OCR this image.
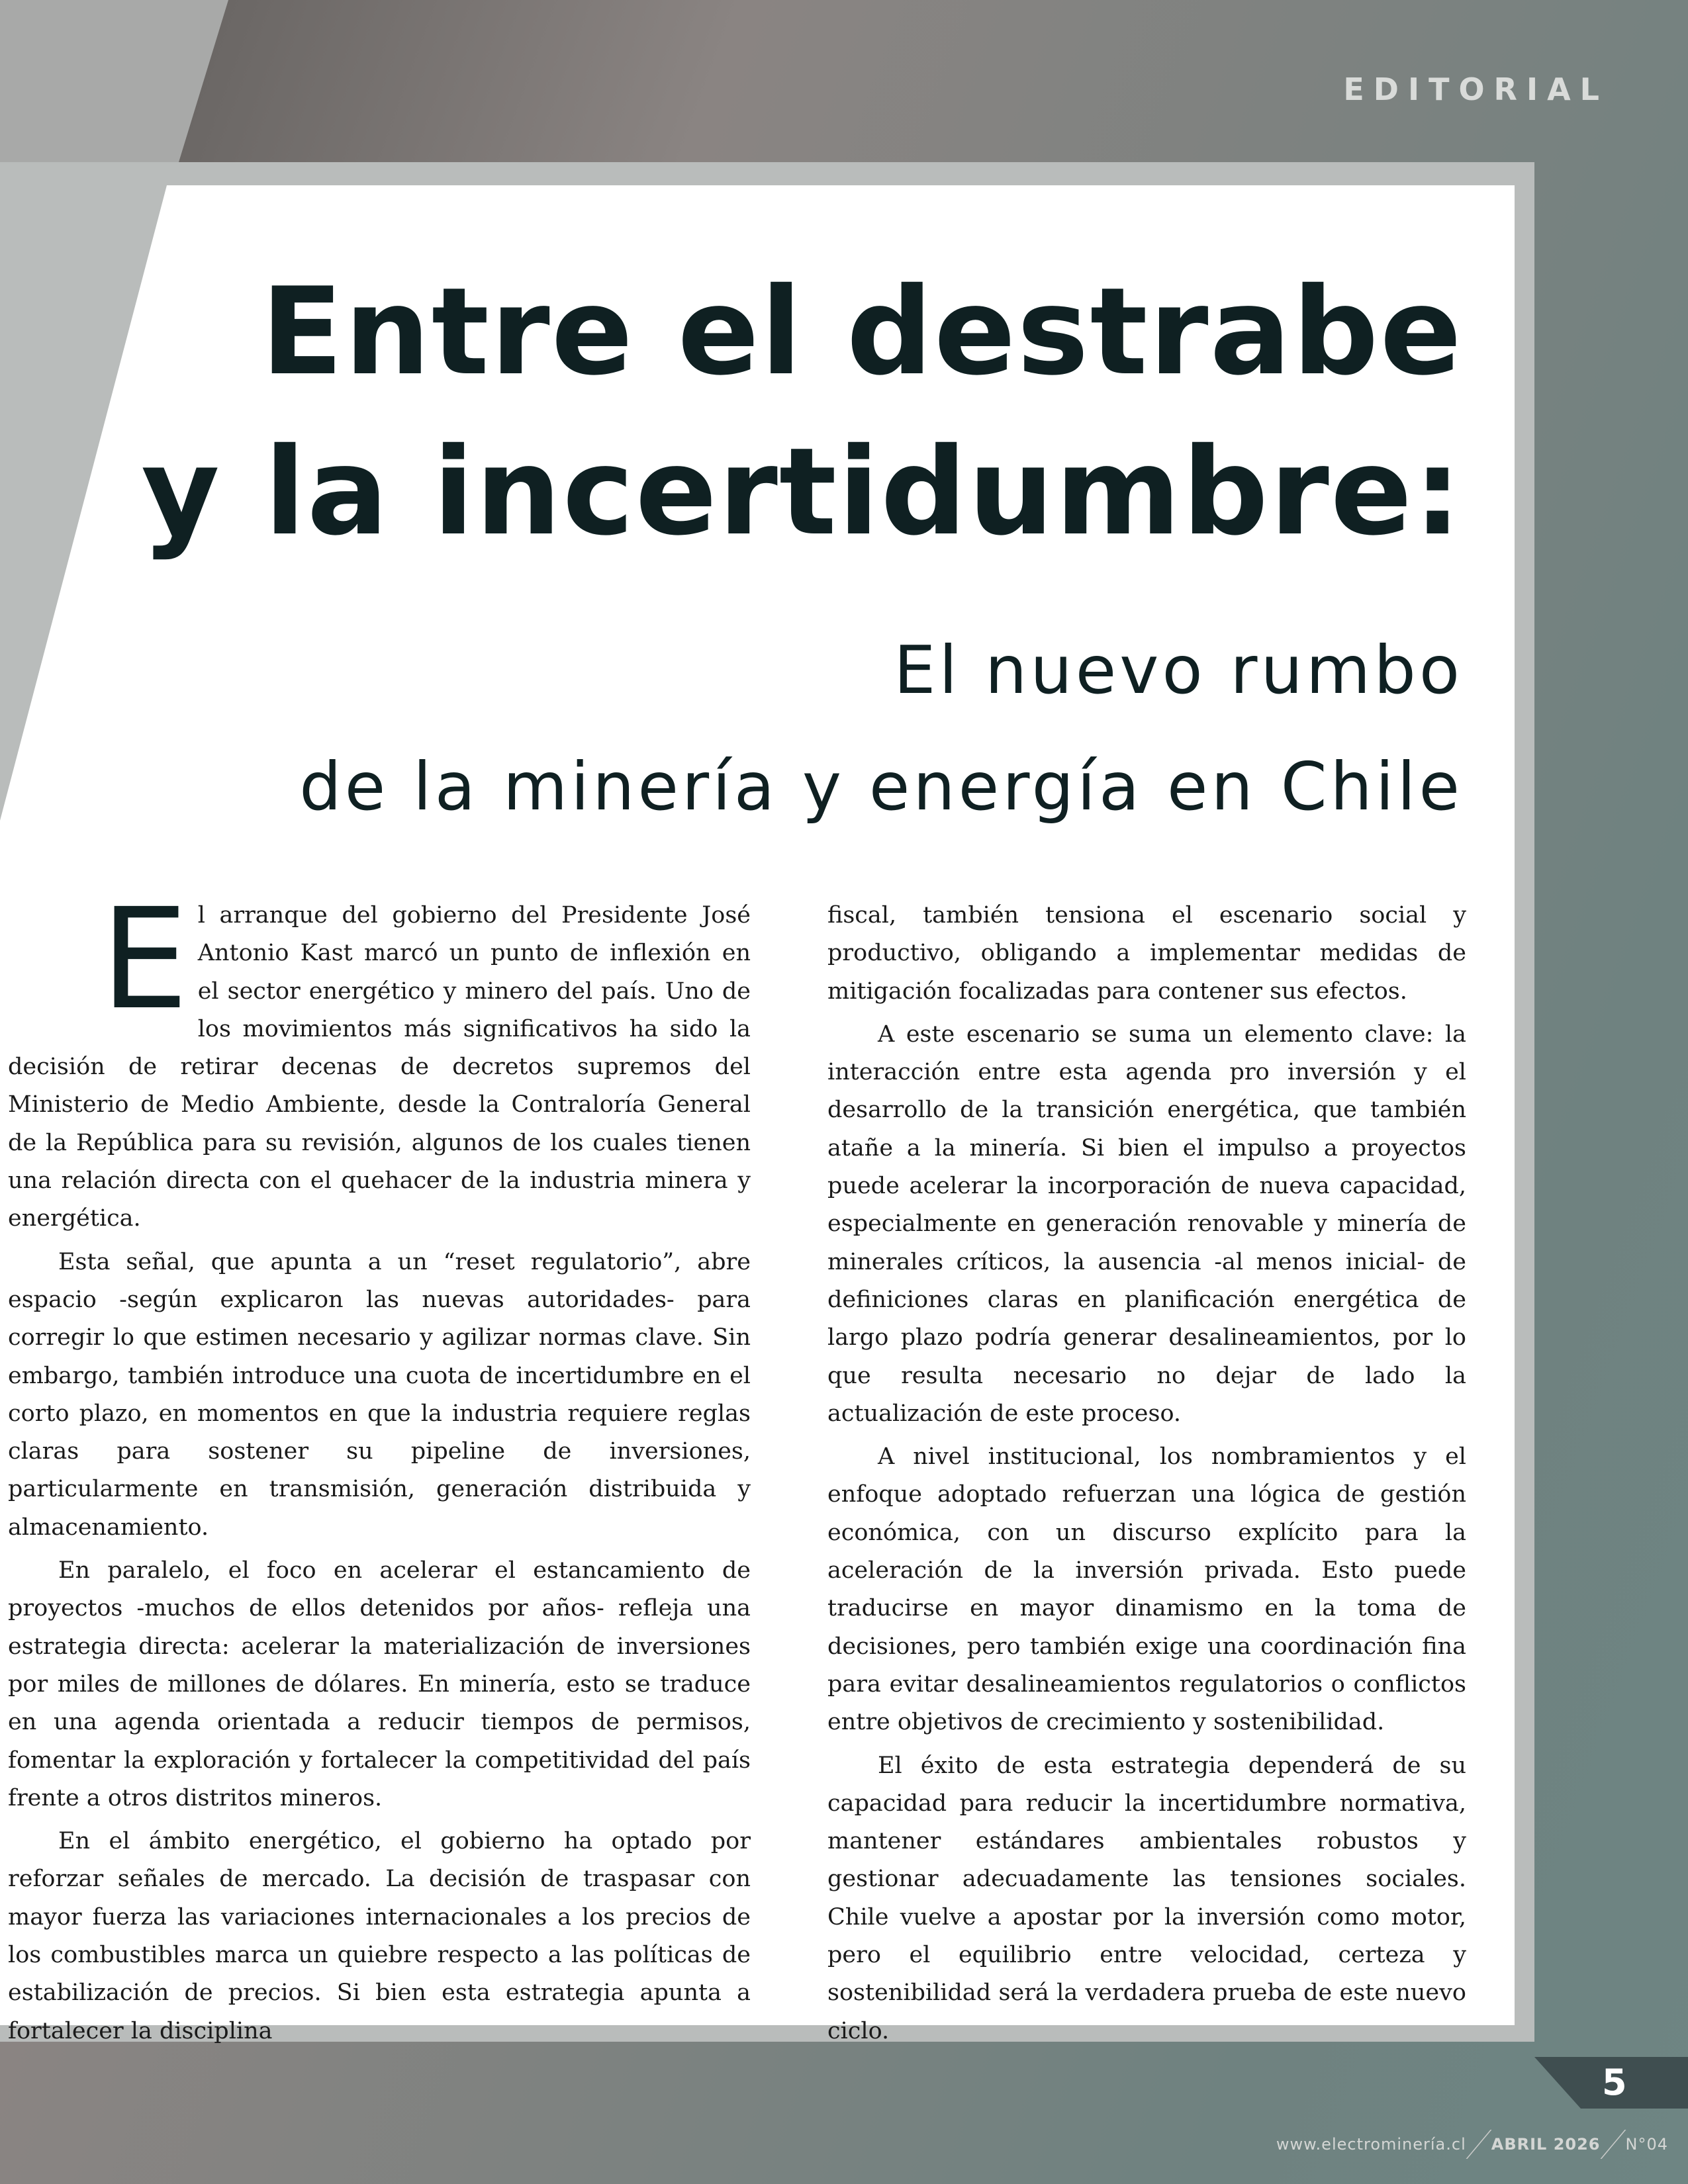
EDITORIAL
Entre el destrabe y la incertidumbre:
El nuevo rumbo
de la minería y energía en Chile
E l arranque del gobierno del Presidente José Antonio Kast marcó un punto de inflexión en el sector energético y minero del país. Uno de los movimientos más significativos ha sido la decisión de retirar decenas de decretos supremos del Ministerio de Medio Ambiente, desde la Contraloría General de la República para su revisión, algunos de los cuales tienen una relación directa con el quehacer de la industria minera y energética.

Esta señal, que apunta a un “reset regulatorio”, abre espacio -según explicaron las nuevas autoridades- para corregir lo que estimen necesario y agilizar normas clave. Sin embargo, también introduce una cuota de incertidumbre en el corto plazo, en momentos en que la industria requiere reglas claras para sostener su pipeline de inversiones, particularmente en transmisión, generación distribuida y almacenamiento.

En paralelo, el foco en acelerar el estancamiento de proyectos -muchos de ellos detenidos por años- refleja una estrategia directa: acelerar la materialización de inversiones por miles de millones de dólares. En minería, esto se traduce en una agenda orientada a reducir tiempos de permisos, fomentar la exploración y fortalecer la competitividad del país frente a otros distritos mineros.

En el ámbito energético, el gobierno ha optado por reforzar señales de mercado. La decisión de traspasar con mayor fuerza las variaciones internacionales a los precios de los combustibles marca un quiebre respecto a las políticas de estabilización de precios. Si bien esta estrategia apunta a fortalecer la disciplina

fiscal, también tensiona el escenario social y productivo, obligando a implementar medidas de mitigación focalizadas para contener sus efectos.

A este escenario se suma un elemento clave: la interacción entre esta agenda pro inversión y el desarrollo de la transición energética, que también atañe a la minería. Si bien el impulso a proyectos puede acelerar la incorporación de nueva capacidad, especialmente en generación renovable y minería de minerales críticos, la ausencia -al menos inicial- de definiciones claras en planificación energética de largo plazo podría generar desalineamientos, por lo que resulta necesario no dejar de lado la actualización de este proceso.

A nivel institucional, los nombramientos y el enfoque adoptado refuerzan una lógica de gestión económica, con un discurso explícito para la aceleración de la inversión privada. Esto puede traducirse en mayor dinamismo en la toma de decisiones, pero también exige una coordinación fina para evitar desalineamientos regulatorios o conflictos entre objetivos de crecimiento y sostenibilidad.

El éxito de esta estrategia dependerá de su capacidad para reducir la incertidumbre normativa, mantener estándares ambientales robustos y gestionar adecuadamente las tensiones sociales. Chile vuelve a apostar por la inversión como motor, pero el equilibrio entre velocidad, certeza y sostenibilidad será la verdadera prueba de este nuevo ciclo.

5
www.electrominería.cl ABRIL 2026 N°04
